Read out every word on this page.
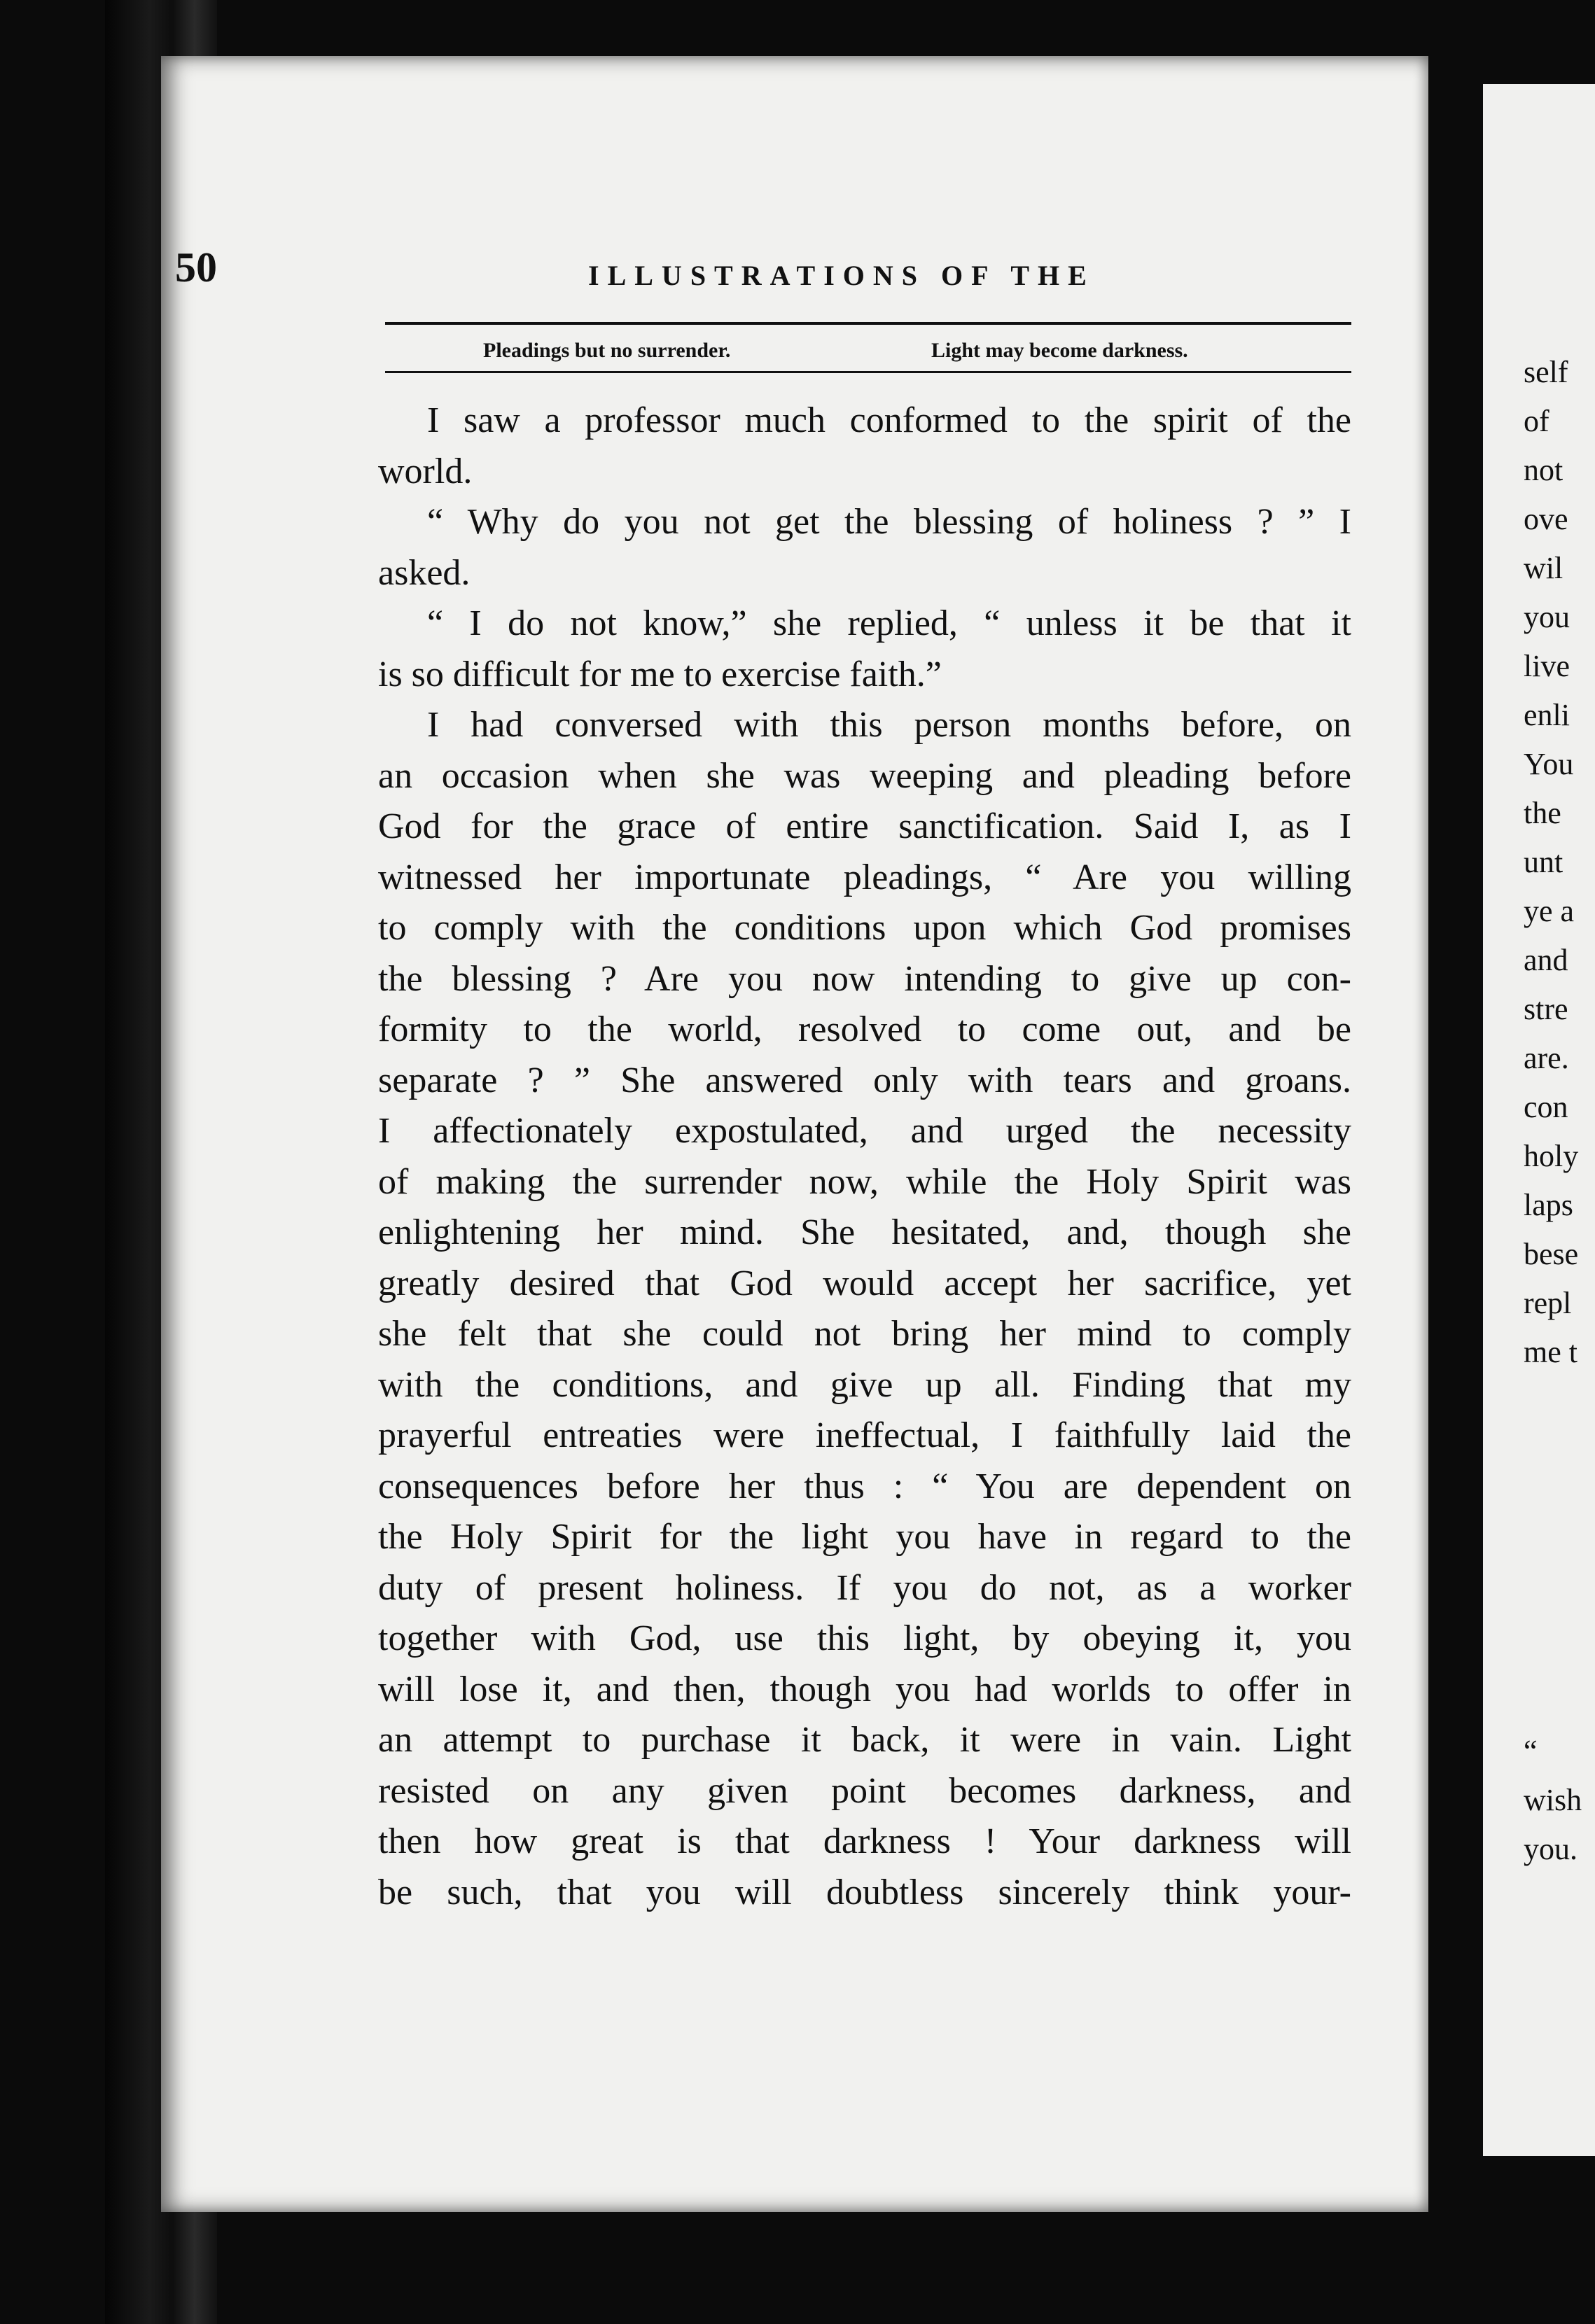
self
of
not
ove
wil
you
live
enli
You
the
unt
ye a
and
stre
are.
con
holy
laps
bese
repl
me t
“
wish
you.
50	ILLUSTRATIONS OF THE
Pleadings but no surrender.	Light may become darkness.
I saw a professor much conformed to the spirit of the
world.
“ Why do you not get the blessing of holiness ? ” I
asked.
“ I do not know,” she replied, “ unless it be that it
is so difficult for me to exercise faith.”
I had conversed with this person months before, on
an occasion when she was weeping and pleading before
God for the grace of entire sanctification. Said I, as I
witnessed her importunate pleadings, “ Are you willing
to comply with the conditions upon which God promises
the blessing ? Are you now intending to give up con-
formity to the world, resolved to come out, and be
separate ? ” She answered only with tears and groans.
I affectionately expostulated, and urged the necessity
of making the surrender now, while the Holy Spirit was
enlightening her mind. She hesitated, and, though she
greatly desired that God would accept her sacrifice, yet
she felt that she could not bring her mind to comply
with the conditions, and give up all. Finding that my
prayerful entreaties were ineffectual, I faithfully laid the
consequences before her thus : “ You are dependent on
the Holy Spirit for the light you have in regard to the
duty of present holiness. If you do not, as a worker
together with God, use this light, by obeying it, you
will lose it, and then, though you had worlds to offer in
an attempt to purchase it back, it were in vain. Light
resisted on any given point becomes darkness, and
then how great is that darkness ! Your darkness will
be such, that you will doubtless sincerely think your-
